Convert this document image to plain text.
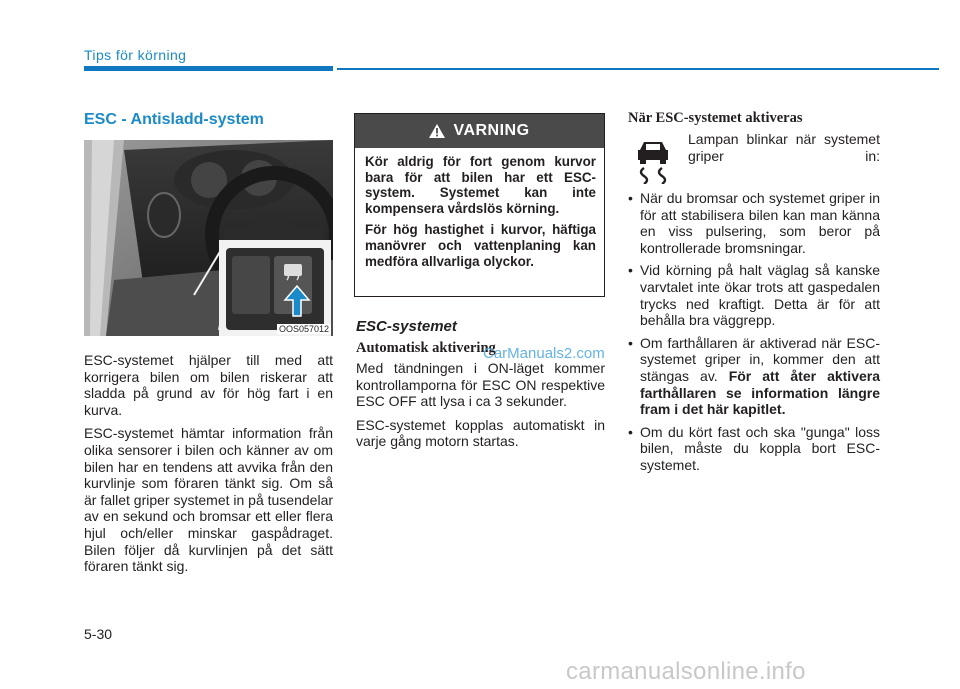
Tips för körning
ESC - Antisladd-system
OOS057012

ESC-systemet hjälper till med att korrigera bilen om bilen riskerar att sladda på grund av för hög fart i en kurva.

ESC-systemet hämtar information från olika sensorer i bilen och känner av om bilen har en tendens att avvika från den kurvlinje som föraren tänkt sig. Om så är fallet griper systemet in på tusendelar av en sekund och bromsar ett eller flera hjul och/eller minskar gaspådraget. Bilen följer då kurvlinjen på det sätt föraren tänkt sig.

VARNING

Kör aldrig för fort genom kurvor bara för att bilen har ett ESC-system. Systemet kan inte kompensera vårdslös körning.

För hög hastighet i kurvor, häftiga manövrer och vattenplaning kan medföra allvarliga olyckor.

ESC-systemet
Automatisk aktivering
CarManuals2.com

Med tändningen i ON-läget kommer kontrollamporna för ESC ON respektive ESC OFF att lysa i ca 3 sekunder.

ESC-systemet kopplas automatiskt in varje gång motorn startas.

När ESC-systemet aktiveras
Lampan blinkar när systemet griper in:
• När du bromsar och systemet griper in för att stabilisera bilen kan man känna en viss pulsering, som beror på kontrollerade bromsningar.
• Vid körning på halt väglag så kanske varvtalet inte ökar trots att gaspedalen trycks ned kraftigt. Detta är för att behålla bra väggrepp.
• Om farthållaren är aktiverad när ESC-systemet griper in, kommer den att stängas av. För att åter aktivera farthållaren se information längre fram i det här kapitlet.
• Om du kört fast och ska "gunga" loss bilen, måste du koppla bort ESC-systemet.
5-30
carmanualsonline.info
